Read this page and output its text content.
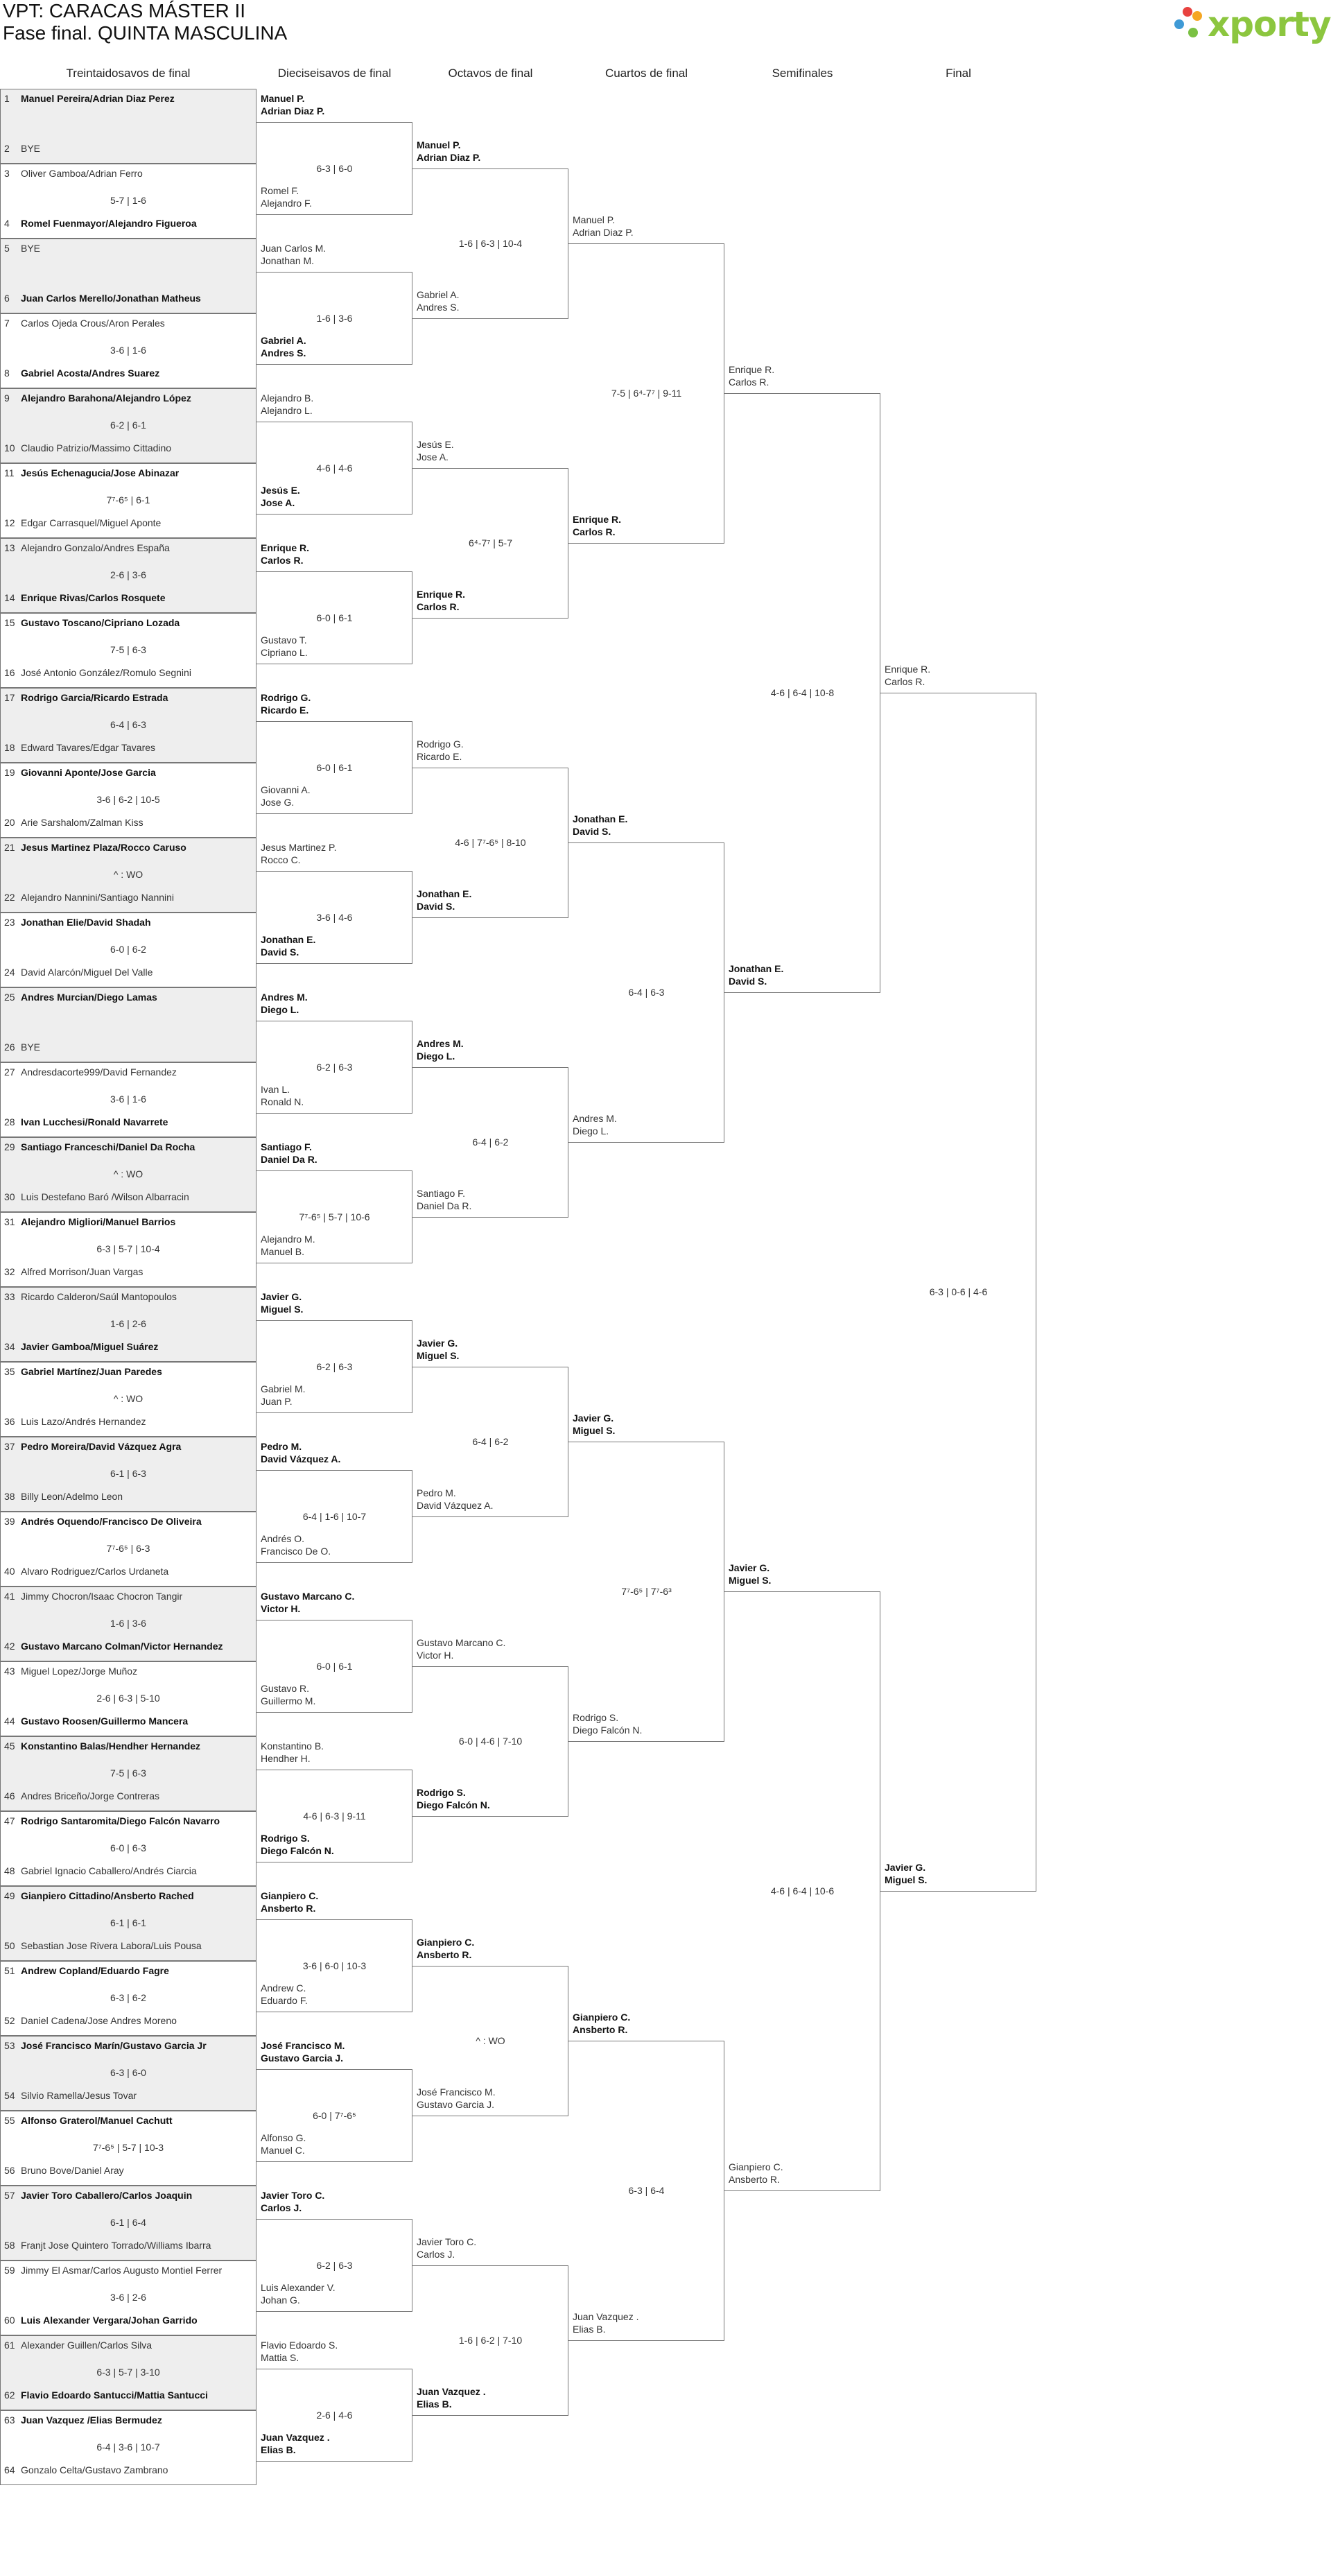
VPT: CARACAS MÁSTER II
Fase final. QUINTA MASCULINA	xporty
Treintaidosavos de final	Dieciseisavos de final	Octavos de final	Cuartos de final	Semifinales	Final
1 Manuel Pereira/Adrian Diaz Perez
2 BYE
3 Oliver Gamboa/Adrian Ferro
4 Romel Fuenmayor/Alejandro Figueroa
5-7 | 1-6
5 BYE
6 Juan Carlos Merello/Jonathan Matheus
7 Carlos Ojeda Crous/Aron Perales
8 Gabriel Acosta/Andres Suarez
3-6 | 1-6
9 Alejandro Barahona/Alejandro López
10 Claudio Patrizio/Massimo Cittadino
6-2 | 6-1
11 Jesús Echenagucia/Jose Abinazar
12 Edgar Carrasquel/Miguel Aponte
7⁷-6⁵ | 6-1
13 Alejandro Gonzalo/Andres España
14 Enrique Rivas/Carlos Rosquete
2-6 | 3-6
15 Gustavo Toscano/Cipriano Lozada
16 José Antonio González/Romulo Segnini
7-5 | 6-3
17 Rodrigo Garcia/Ricardo Estrada
18 Edward Tavares/Edgar Tavares
6-4 | 6-3
19 Giovanni Aponte/Jose Garcia
20 Arie Sarshalom/Zalman Kiss
3-6 | 6-2 | 10-5
21 Jesus Martinez Plaza/Rocco Caruso
22 Alejandro Nannini/Santiago Nannini
^ : WO
23 Jonathan Elie/David Shadah
24 David Alarcón/Miguel Del Valle
6-0 | 6-2
25 Andres Murcian/Diego Lamas
26 BYE
27 Andresdacorte999/David Fernandez
28 Ivan Lucchesi/Ronald Navarrete
3-6 | 1-6
29 Santiago Franceschi/Daniel Da Rocha
30 Luis Destefano Baró /Wilson Albarracin
^ : WO
31 Alejandro Migliori/Manuel Barrios
32 Alfred Morrison/Juan Vargas
6-3 | 5-7 | 10-4
33 Ricardo Calderon/Saúl Mantopoulos
34 Javier Gamboa/Miguel Suárez
1-6 | 2-6
35 Gabriel Martínez/Juan Paredes
36 Luis Lazo/Andrés Hernandez
^ : WO
37 Pedro Moreira/David Vázquez Agra
38 Billy Leon/Adelmo Leon
6-1 | 6-3
39 Andrés Oquendo/Francisco De Oliveira
40 Alvaro Rodriguez/Carlos Urdaneta
7⁷-6⁵ | 6-3
41 Jimmy Chocron/Isaac Chocron Tangir
42 Gustavo Marcano Colman/Victor Hernandez
1-6 | 3-6
43 Miguel Lopez/Jorge Muñoz
44 Gustavo Roosen/Guillermo Mancera
2-6 | 6-3 | 5-10
45 Konstantino Balas/Hendher Hernandez
46 Andres Briceño/Jorge Contreras
7-5 | 6-3
47 Rodrigo Santaromita/Diego Falcón Navarro
48 Gabriel Ignacio Caballero/Andrés Ciarcia
6-0 | 6-3
49 Gianpiero Cittadino/Ansberto Rached
50 Sebastian Jose Rivera Labora/Luis Pousa
6-1 | 6-1
51 Andrew Copland/Eduardo Fagre
52 Daniel Cadena/Jose Andres Moreno
6-3 | 6-2
53 José Francisco Marín/Gustavo Garcia Jr
54 Silvio Ramella/Jesus Tovar
6-3 | 6-0
55 Alfonso Graterol/Manuel Cachutt
56 Bruno Bove/Daniel Aray
7⁷-6⁵ | 5-7 | 10-3
57 Javier Toro Caballero/Carlos Joaquin
58 Franjt Jose Quintero Torrado/Williams Ibarra
6-1 | 6-4
59 Jimmy El Asmar/Carlos Augusto Montiel Ferrer
60 Luis Alexander Vergara/Johan Garrido
3-6 | 2-6
61 Alexander Guillen/Carlos Silva
62 Flavio Edoardo Santucci/Mattia Santucci
6-3 | 5-7 | 3-10
63 Juan Vazquez /Elias Bermudez
64 Gonzalo Celta/Gustavo Zambrano
6-4 | 3-6 | 10-7
Manuel P.
Adrian Diaz P.
Romel F.
Alejandro F.
6-3 | 6-0
Juan Carlos M.
Jonathan M.
Gabriel A.
Andres S.
1-6 | 3-6
Alejandro B.
Alejandro L.
Jesús E.
Jose A.
4-6 | 4-6
Enrique R.
Carlos R.
Gustavo T.
Cipriano L.
6-0 | 6-1
Rodrigo G.
Ricardo E.
Giovanni A.
Jose G.
6-0 | 6-1
Jesus Martinez P.
Rocco C.
Jonathan E.
David S.
3-6 | 4-6
Andres M.
Diego L.
Ivan L.
Ronald N.
6-2 | 6-3
Santiago F.
Daniel Da R.
Alejandro M.
Manuel B.
7⁷-6⁵ | 5-7 | 10-6
Javier G.
Miguel S.
Gabriel M.
Juan P.
6-2 | 6-3
Pedro M.
David Vázquez A.
Andrés O.
Francisco De O.
6-4 | 1-6 | 10-7
Gustavo Marcano C.
Victor H.
Gustavo R.
Guillermo M.
6-0 | 6-1
Konstantino B.
Hendher H.
Rodrigo S.
Diego Falcón N.
4-6 | 6-3 | 9-11
Gianpiero C.
Ansberto R.
Andrew C.
Eduardo F.
3-6 | 6-0 | 10-3
José Francisco M.
Gustavo Garcia J.
Alfonso G.
Manuel C.
6-0 | 7⁷-6⁵
Javier Toro C.
Carlos J.
Luis Alexander V.
Johan G.
6-2 | 6-3
Flavio Edoardo S.
Mattia S.
Juan Vazquez .
Elias B.
2-6 | 4-6
Manuel P.
Adrian Diaz P.
Gabriel A.
Andres S.
1-6 | 6-3 | 10-4
Jesús E.
Jose A.
Enrique R.
Carlos R.
6⁴-7⁷ | 5-7
Rodrigo G.
Ricardo E.
Jonathan E.
David S.
4-6 | 7⁷-6⁵ | 8-10
Andres M.
Diego L.
Santiago F.
Daniel Da R.
6-4 | 6-2
Javier G.
Miguel S.
Pedro M.
David Vázquez A.
6-4 | 6-2
Gustavo Marcano C.
Victor H.
Rodrigo S.
Diego Falcón N.
6-0 | 4-6 | 7-10
Gianpiero C.
Ansberto R.
José Francisco M.
Gustavo Garcia J.
^ : WO
Javier Toro C.
Carlos J.
Juan Vazquez .
Elias B.
1-6 | 6-2 | 7-10
Manuel P.
Adrian Diaz P.
Enrique R.
Carlos R.
7-5 | 6⁴-7⁷ | 9-11
Jonathan E.
David S.
Andres M.
Diego L.
6-4 | 6-3
Javier G.
Miguel S.
Rodrigo S.
Diego Falcón N.
7⁷-6⁵ | 7⁷-6³
Gianpiero C.
Ansberto R.
Juan Vazquez .
Elias B.
6-3 | 6-4
Enrique R.
Carlos R.
Jonathan E.
David S.
4-6 | 6-4 | 10-8
Javier G.
Miguel S.
Gianpiero C.
Ansberto R.
4-6 | 6-4 | 10-6
Enrique R.
Carlos R.
Javier G.
Miguel S.
6-3 | 0-6 | 4-6
